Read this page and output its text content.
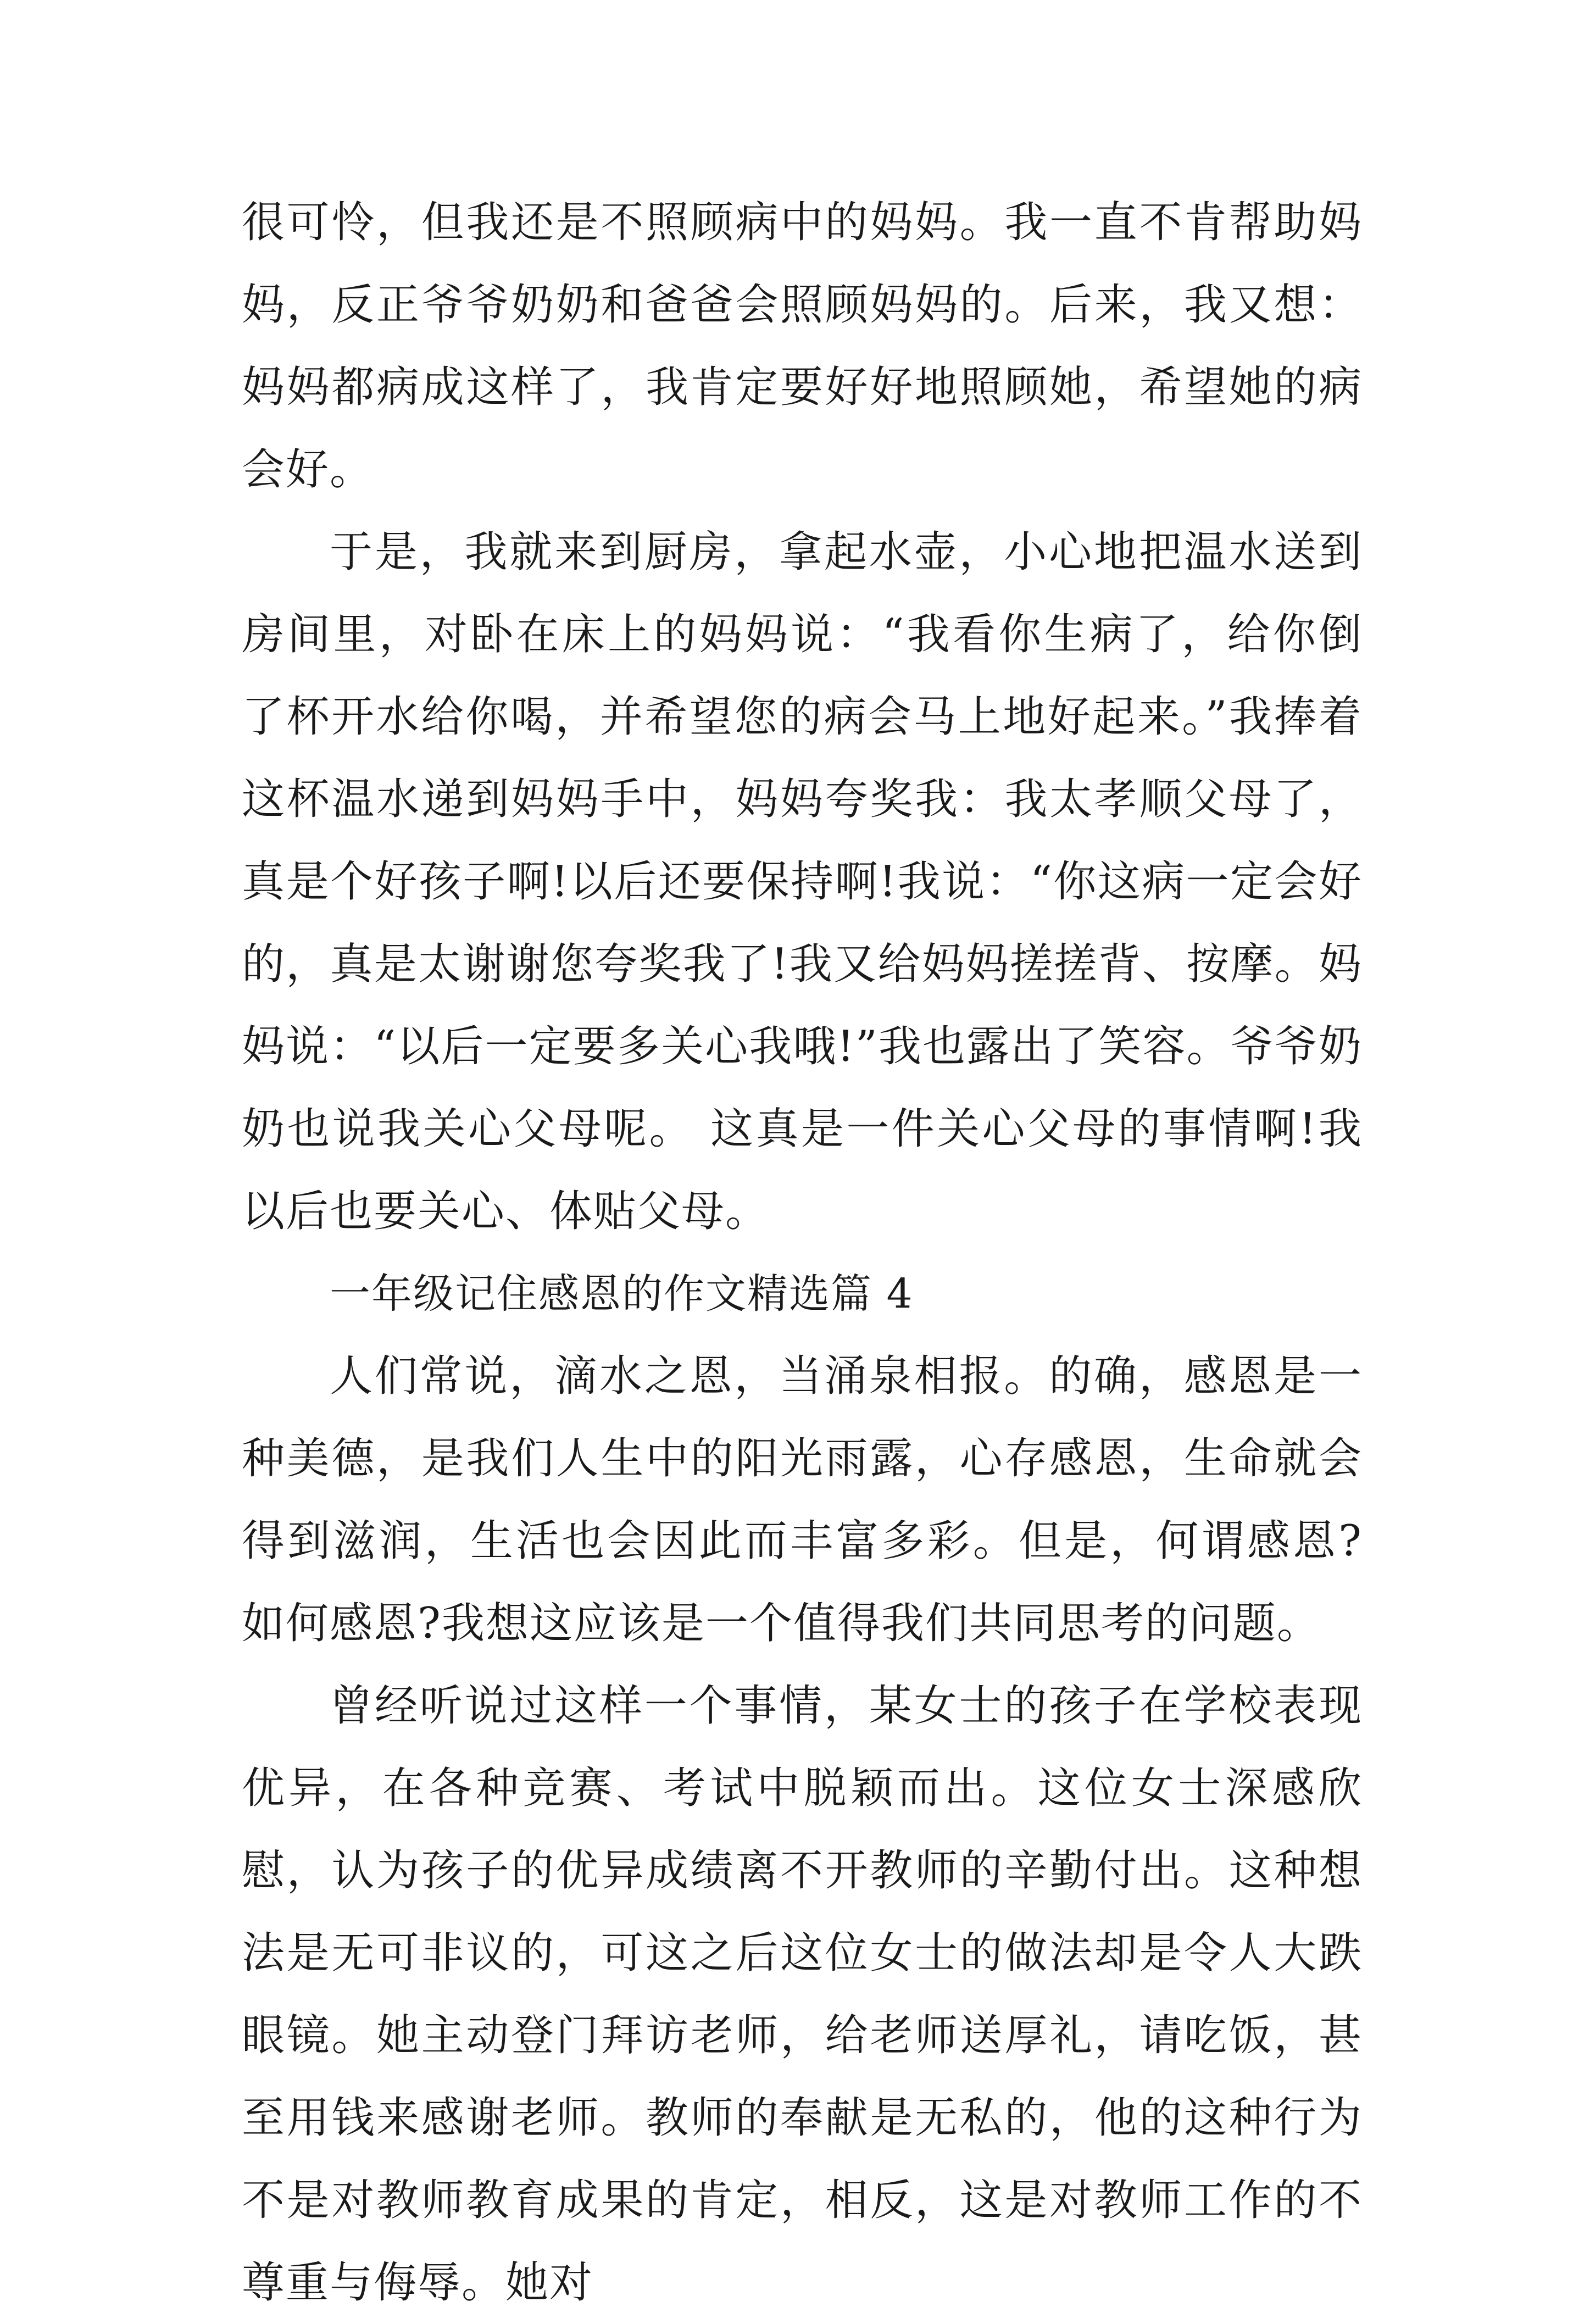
很可怜，但我还是不照顾病中的妈妈。我一直不肯帮助妈妈，反正爷爷奶奶和爸爸会照顾妈妈的。后来，我又想：妈妈都病成这样了，我肯定要好好地照顾她，希望她的病会好。

于是，我就来到厨房，拿起水壶，小心地把温水送到房间里，对卧在床上的妈妈说：“我看你生病了，给你倒了杯开水给你喝，并希望您的病会马上地好起来。”我捧着这杯温水递到妈妈手中，妈妈夸奖我：我太孝顺父母了，真是个好孩子啊!以后还要保持啊!我说：“你这病一定会好的，真是太谢谢您夸奖我了!我又给妈妈搓搓背、按摩。妈妈说：“以后一定要多关心我哦!”我也露出了笑容。爷爷奶奶也说我关心父母呢。 这真是一件关心父母的事情啊!我以后也要关心、体贴父母。

一年级记住感恩的作文精选篇 4

人们常说，滴水之恩，当涌泉相报。的确，感恩是一种美德，是我们人生中的阳光雨露，心存感恩，生命就会得到滋润，生活也会因此而丰富多彩。但是，何谓感恩?如何感恩?我想这应该是一个值得我们共同思考的问题。

曾经听说过这样一个事情，某女士的孩子在学校表现优异，在各种竞赛、考试中脱颖而出。这位女士深感欣慰，认为孩子的优异成绩离不开教师的辛勤付出。这种想法是无可非议的，可这之后这位女士的做法却是令人大跌眼镜。她主动登门拜访老师，给老师送厚礼，请吃饭，甚至用钱来感谢老师。教师的奉献是无私的，他的这种行为不是对教师教育成果的肯定，相反，这是对教师工作的不尊重与侮辱。她对
